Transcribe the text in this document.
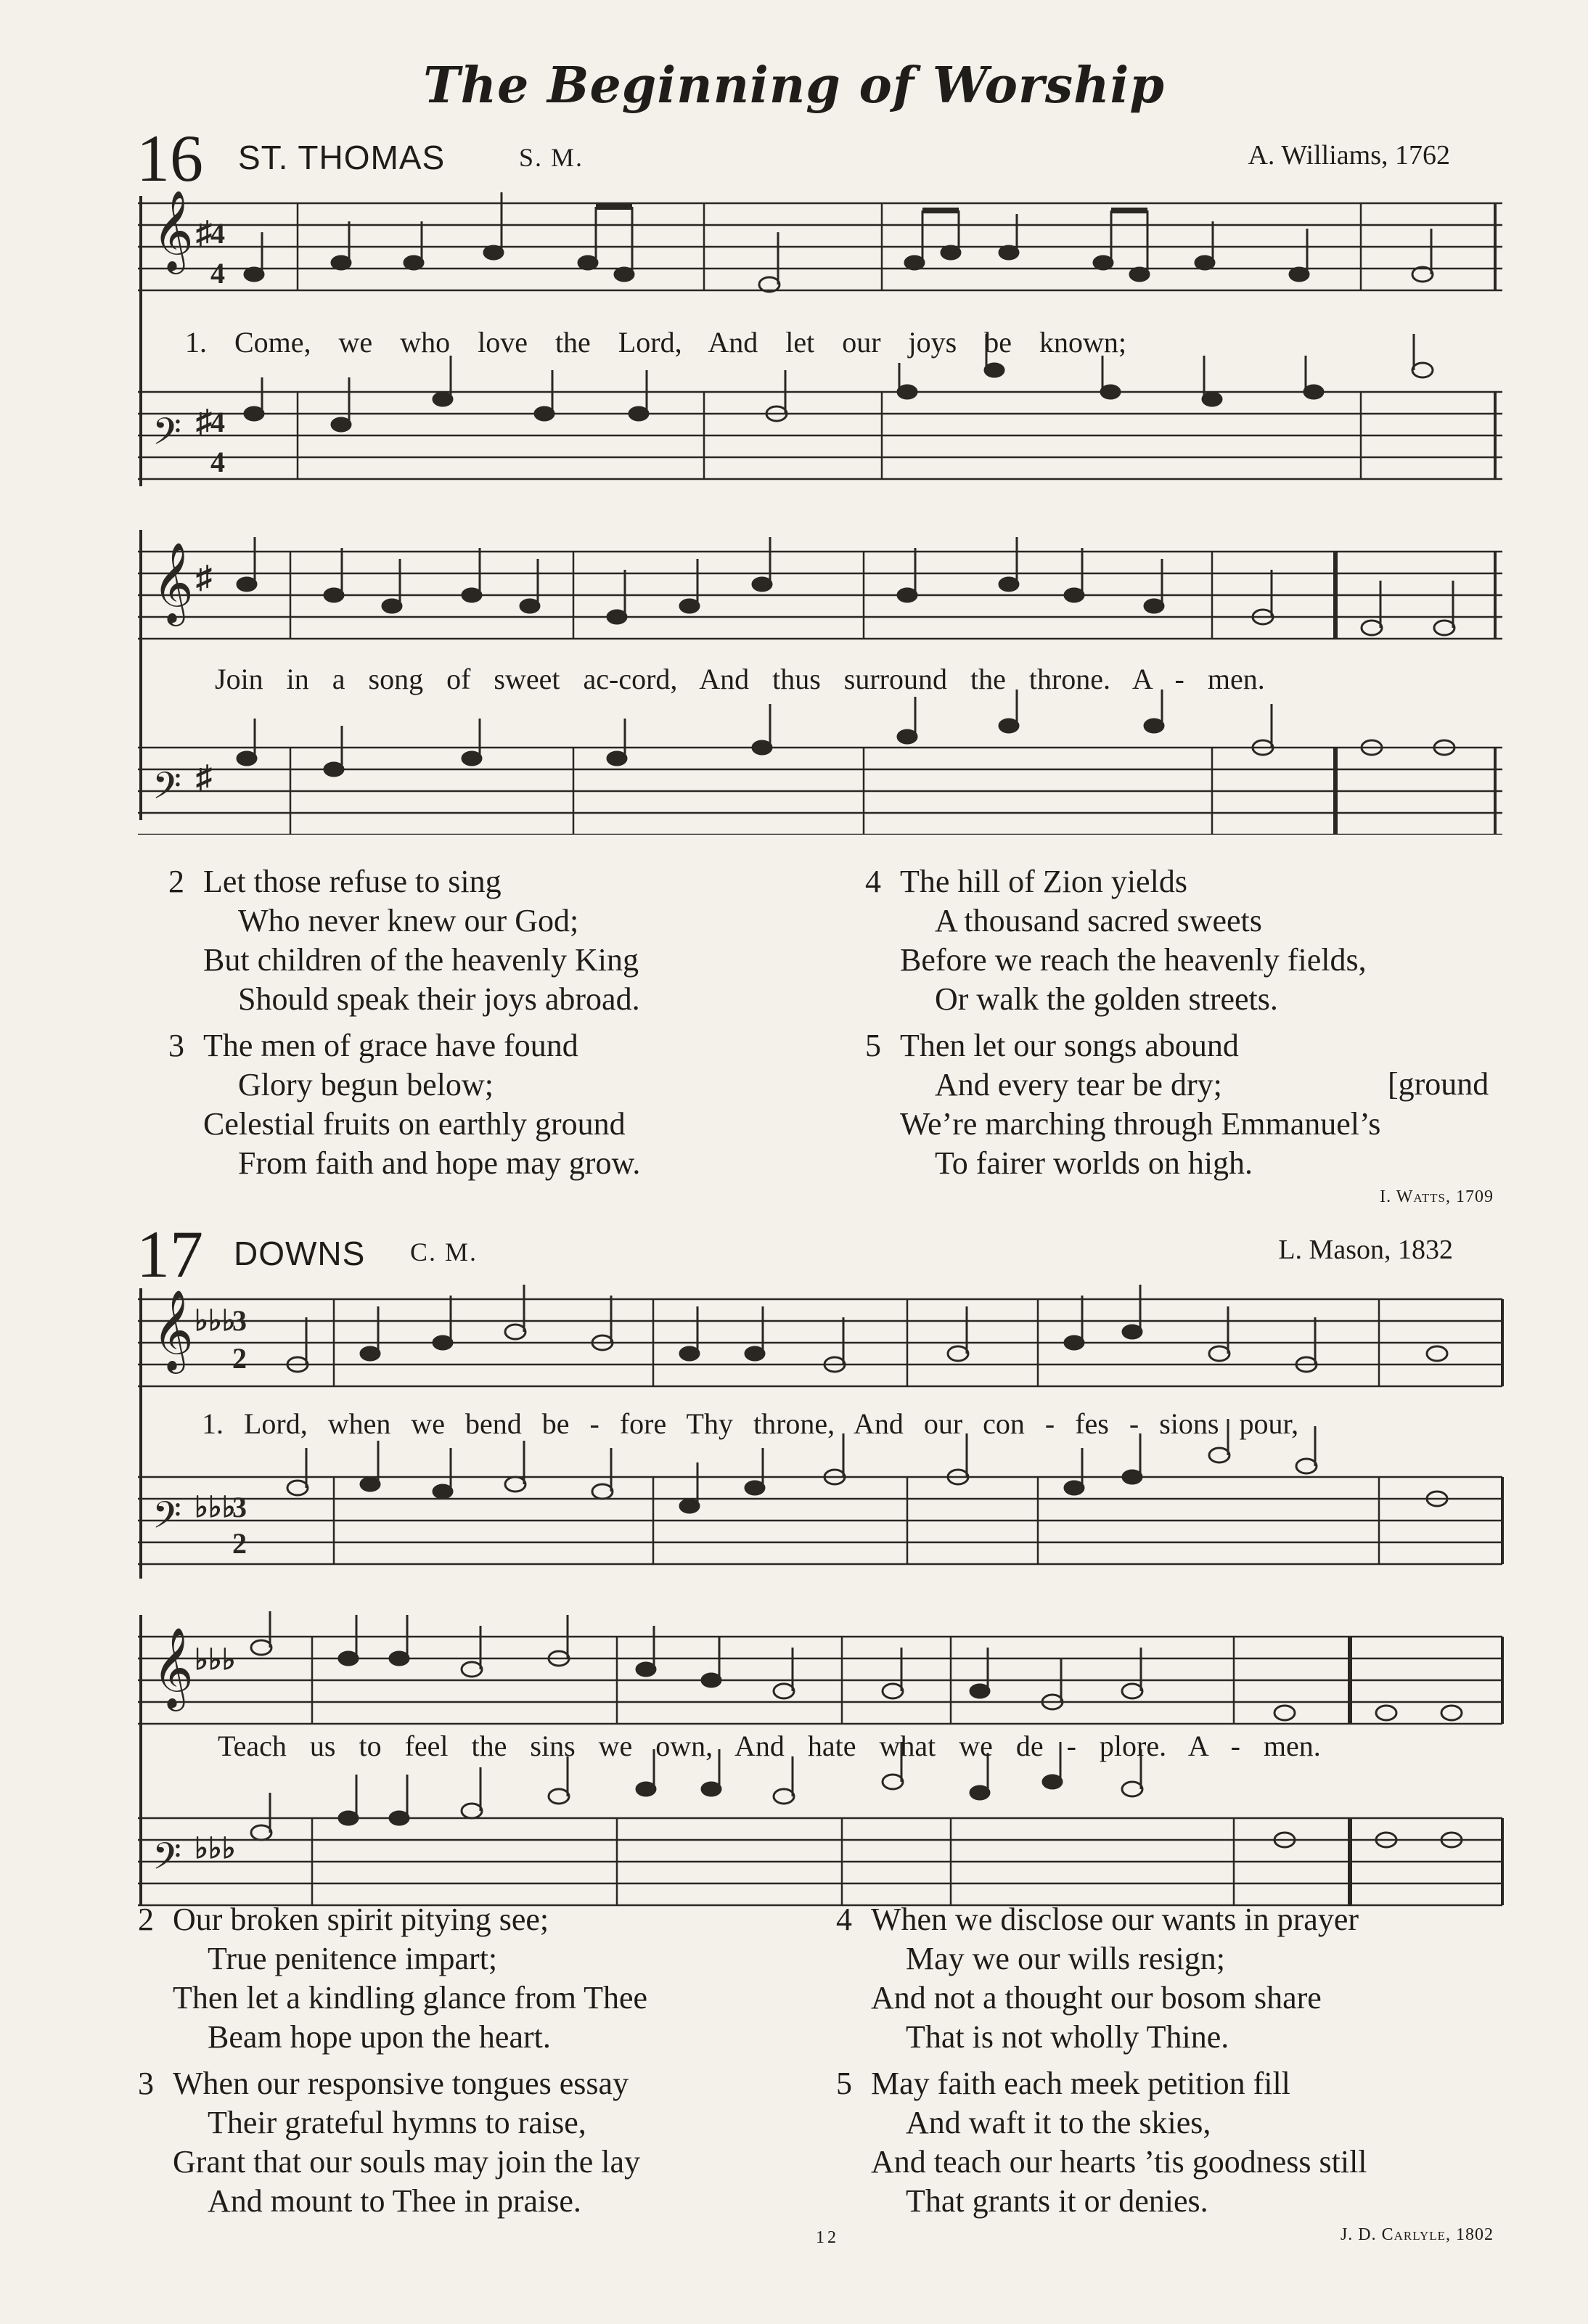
The Beginning of Worship
16 ST. THOMAS	S. M.	A. Williams, 1762
𝄞 ♯
4
4
𝄢 ♯
4
4
1. Come, we who love the Lord, And let our joys be known;
𝄞 ♯
𝄢 ♯
Join in a song of sweet ac-cord, And thus surround the throne. A - men.
2 Let those refuse to sing
Who never knew our God;
But children of the heavenly King
Should speak their joys abroad.
3 The men of grace have found
Glory begun below;
Celestial fruits on earthly ground
From faith and hope may grow.
4 The hill of Zion yields
A thousand sacred sweets
Before we reach the heavenly fields,
Or walk the golden streets.
5 Then let our songs abound
And every tear be dry;
We’re marching through Emmanuel’s
To fairer worlds on high.
[ground
I. Watts, 1709
17 DOWNS C. M.	L. Mason, 1832
𝄞 ♭♭♭
3
2
𝄢 ♭♭♭
3
2
1. Lord, when we bend be - fore Thy throne, And our con - fes - sions pour,
𝄞 ♭♭♭
𝄢 ♭♭♭
Teach us to feel the sins we own, And hate what we de - plore. A - men.
2 Our broken spirit pitying see;
True penitence impart;
Then let a kindling glance from Thee
Beam hope upon the heart.
3 When our responsive tongues essay
Their grateful hymns to raise,
Grant that our souls may join the lay
And mount to Thee in praise.
4 When we disclose our wants in prayer
May we our wills resign;
And not a thought our bosom share
That is not wholly Thine.
5 May faith each meek petition fill
And waft it to the skies,
And teach our hearts ’tis goodness still
That grants it or denies.
12	J. D. Carlyle, 1802
